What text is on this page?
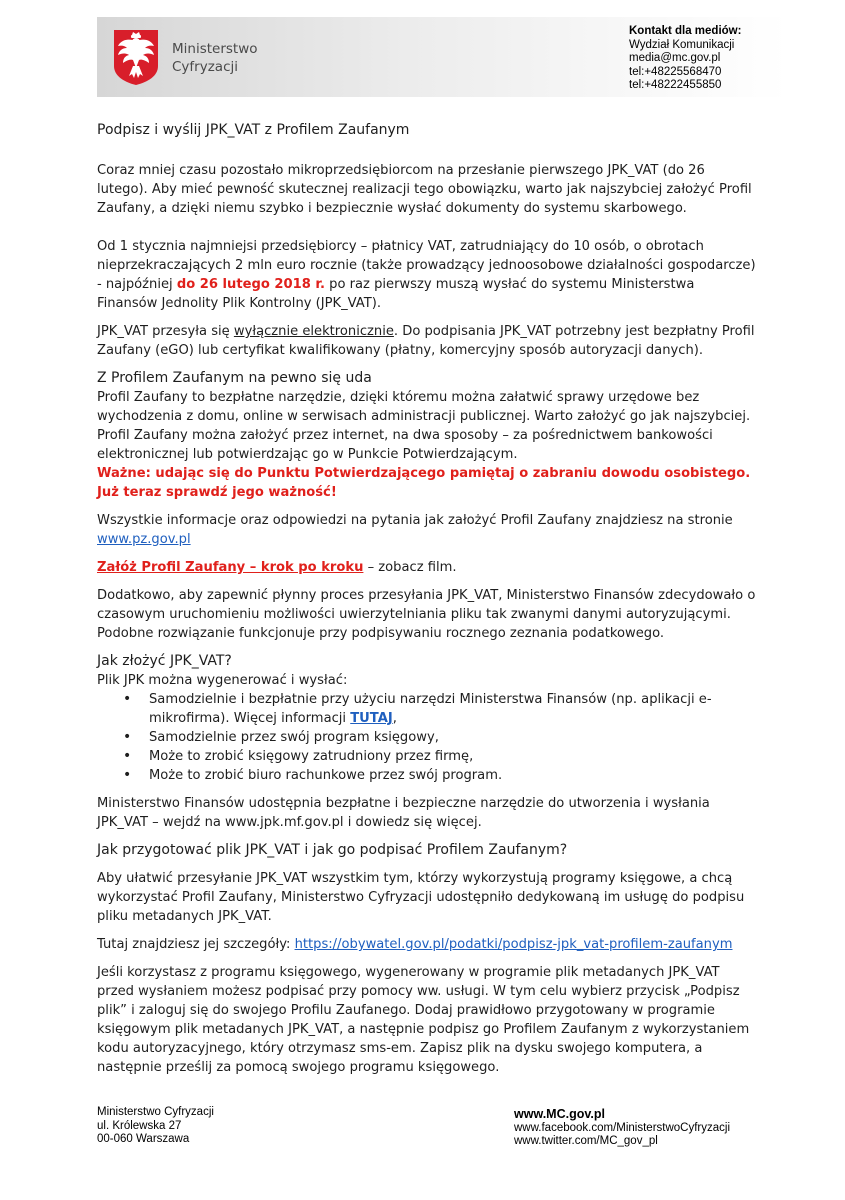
Ministerstwo
Cyfryzacji
Kontakt dla mediów:
Wydział Komunikacji
media@mc.gov.pl
tel:+48225568470
tel:+48222455850

Podpisz i wyślij JPK_VAT z Profilem Zaufanym

Coraz mniej czasu pozostało mikroprzedsiębiorcom na przesłanie pierwszego JPK_VAT (do 26 lutego). Aby mieć pewność skutecznej realizacji tego obowiązku, warto jak najszybciej założyć Profil Zaufany, a dzięki niemu szybko i bezpiecznie wysłać dokumenty do systemu skarbowego.

Od 1 stycznia najmniejsi przedsiębiorcy – płatnicy VAT, zatrudniający do 10 osób, o obrotach nieprzekraczających 2 mln euro rocznie (także prowadzący jednoosobowe działalności gospodarcze) - najpóźniej do 26 lutego 2018 r. po raz pierwszy muszą wysłać do systemu Ministerstwa Finansów Jednolity Plik Kontrolny (JPK_VAT).

JPK_VAT przesyła się wyłącznie elektronicznie. Do podpisania JPK_VAT potrzebny jest bezpłatny Profil Zaufany (eGO) lub certyfikat kwalifikowany (płatny, komercyjny sposób autoryzacji danych).

Z Profilem Zaufanym na pewno się uda

Profil Zaufany to bezpłatne narzędzie, dzięki któremu można załatwić sprawy urzędowe bez wychodzenia z domu, online w serwisach administracji publicznej. Warto założyć go jak najszybciej. Profil Zaufany można założyć przez internet, na dwa sposoby – za pośrednictwem bankowości elektronicznej lub potwierdzając go w Punkcie Potwierdzającym.

Ważne: udając się do Punktu Potwierdzającego pamiętaj o zabraniu dowodu osobistego. Już teraz sprawdź jego ważność!

Wszystkie informacje oraz odpowiedzi na pytania jak założyć Profil Zaufany znajdziesz na stronie www.pz.gov.pl

Załóż Profil Zaufany – krok po kroku – zobacz film.

Dodatkowo, aby zapewnić płynny proces przesyłania JPK_VAT, Ministerstwo Finansów zdecydowało o czasowym uruchomieniu możliwości uwierzytelniania pliku tak zwanymi danymi autoryzującymi. Podobne rozwiązanie funkcjonuje przy podpisywaniu rocznego zeznania podatkowego.

Jak złożyć JPK_VAT?

Plik JPK można wygenerować i wysłać:

• Samodzielnie i bezpłatnie przy użyciu narzędzi Ministerstwa Finansów (np. aplikacji e-mikrofirma). Więcej informacji TUTAJ,
• Samodzielnie przez swój program księgowy,
• Może to zrobić księgowy zatrudniony przez firmę,
• Może to zrobić biuro rachunkowe przez swój program.

Ministerstwo Finansów udostępnia bezpłatne i bezpieczne narzędzie do utworzenia i wysłania JPK_VAT – wejdź na www.jpk.mf.gov.pl i dowiedz się więcej.

Jak przygotować plik JPK_VAT i jak go podpisać Profilem Zaufanym?

Aby ułatwić przesyłanie JPK_VAT wszystkim tym, którzy wykorzystują programy księgowe, a chcą wykorzystać Profil Zaufany, Ministerstwo Cyfryzacji udostępniło dedykowaną im usługę do podpisu pliku metadanych JPK_VAT.

Tutaj znajdziesz jej szczegóły: https://obywatel.gov.pl/podatki/podpisz-jpk_vat-profilem-zaufanym

Jeśli korzystasz z programu księgowego, wygenerowany w programie plik metadanych JPK_VAT przed wysłaniem możesz podpisać przy pomocy ww. usługi. W tym celu wybierz przycisk „Podpisz plik” i zaloguj się do swojego Profilu Zaufanego. Dodaj prawidłowo przygotowany w programie księgowym plik metadanych JPK_VAT, a następnie podpisz go Profilem Zaufanym z wykorzystaniem kodu autoryzacyjnego, który otrzymasz sms-em. Zapisz plik na dysku swojego komputera, a następnie prześlij za pomocą swojego programu księgowego.

Ministerstwo Cyfryzacji
ul. Królewska 27
00-060 Warszawa
www.MC.gov.pl
www.facebook.com/MinisterstwoCyfryzacji
www.twitter.com/MC_gov_pl
